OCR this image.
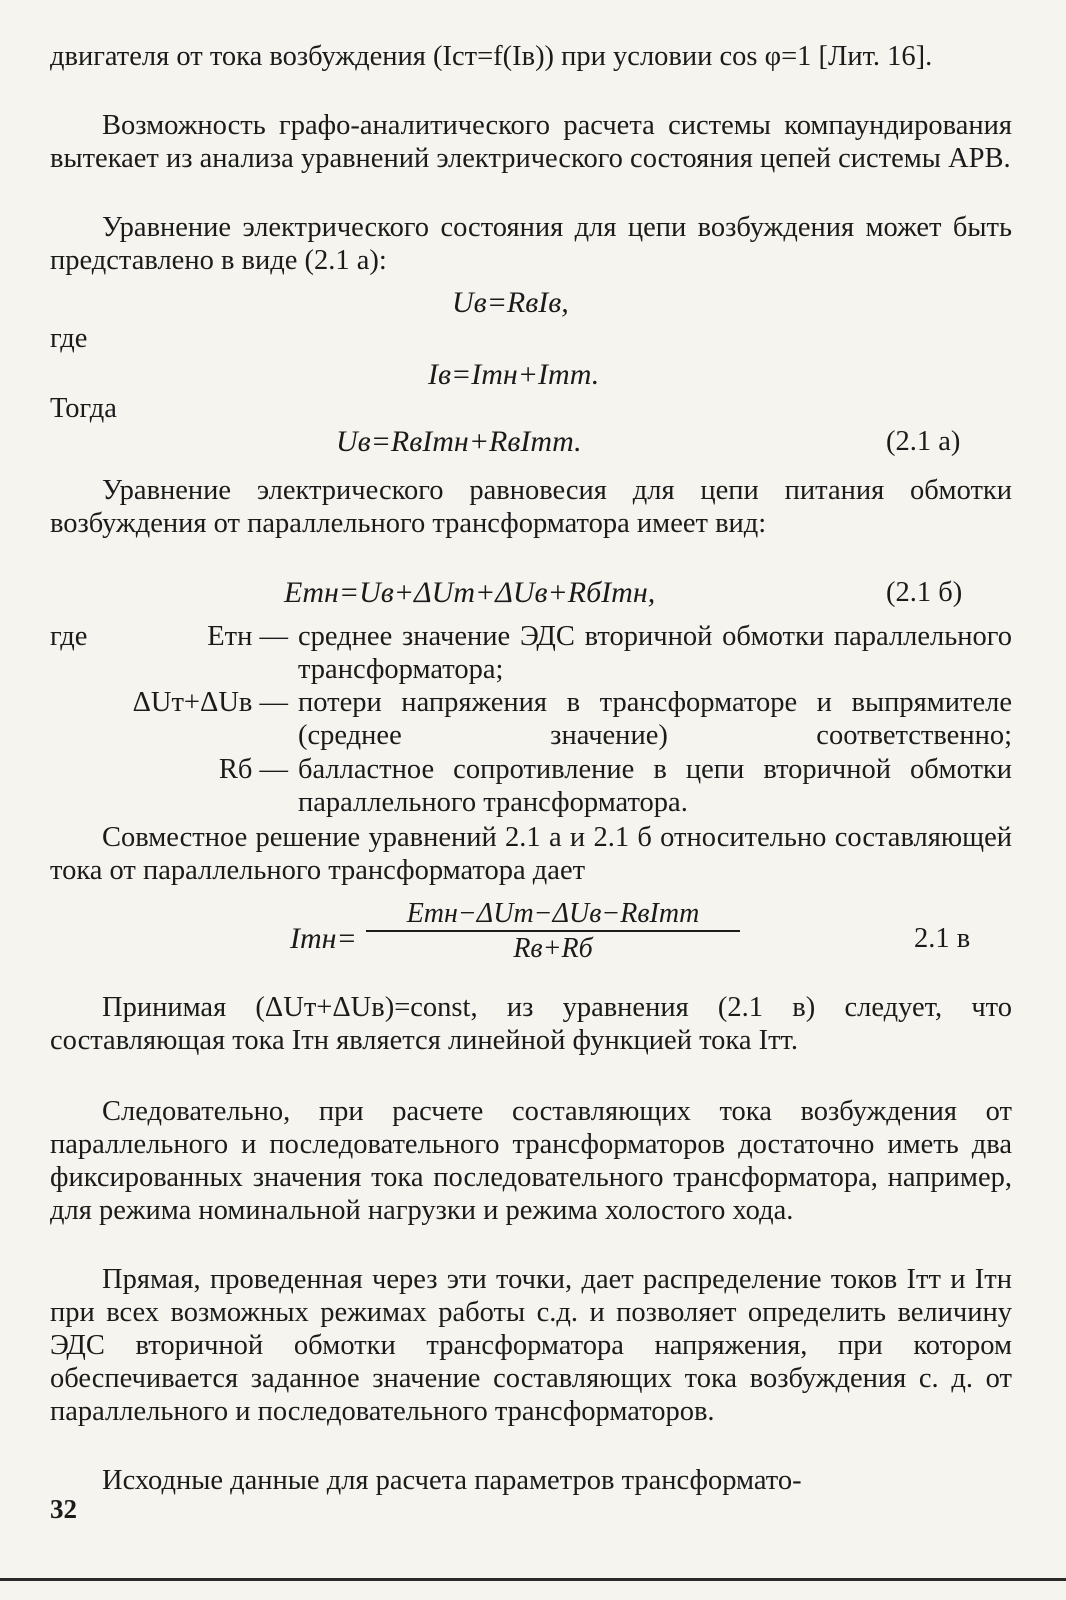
двигателя от тока возбуждения (Iст=f(Iв)) при условии cos φ=1 [Лит. 16].

Возможность графо-аналитического расчета системы компаундирования вытекает из анализа уравнений электрического состояния цепей системы АРВ.

Уравнение электрического состояния для цепи возбуждения может быть представлено в виде (2.1 а):

Uв=RвIв,
где
Iв=Iтн+Iтт.
Тогда
Uв=RвIтн+RвIтт.	(2.1 а)

Уравнение электрического равновесия для цепи питания обмотки возбуждения от параллельного трансформатора имеет вид:

Eтн=Uв+ΔUт+ΔUв+RбIтн,	(2.1 б)
где	Eтн — среднее значение ЭДС вторичной обмотки параллельного трансформатора;
ΔUт+ΔUв — потери напряжения в трансформаторе и выпрямителе (среднее значение) соответственно;
Rб — балластное сопротивление в цепи вторичной обмотки параллельного трансформатора.

Совместное решение уравнений 2.1 а и 2.1 б относительно составляющей тока от параллельного трансформатора дает

Iтн=
Eтн−ΔUт−ΔUв−RвIтт
Rв+Rб	2.1 в

Принимая (ΔUт+ΔUв)=const, из уравнения (2.1 в) следует, что составляющая тока Iтн является линейной функцией тока Iтт.

Следовательно, при расчете составляющих тока возбуждения от параллельного и последовательного трансформаторов достаточно иметь два фиксированных значения тока последовательного трансформатора, например, для режима номинальной нагрузки и режима холостого хода.

Прямая, проведенная через эти точки, дает распределение токов Iтт и Iтн при всех возможных режимах работы с.д. и позволяет определить величину ЭДС вторичной обмотки трансформатора напряжения, при котором обеспечивается заданное значение составляющих тока возбуждения с. д. от параллельного и последовательного трансформаторов.

Исходные данные для расчета параметров трансформато-

32
